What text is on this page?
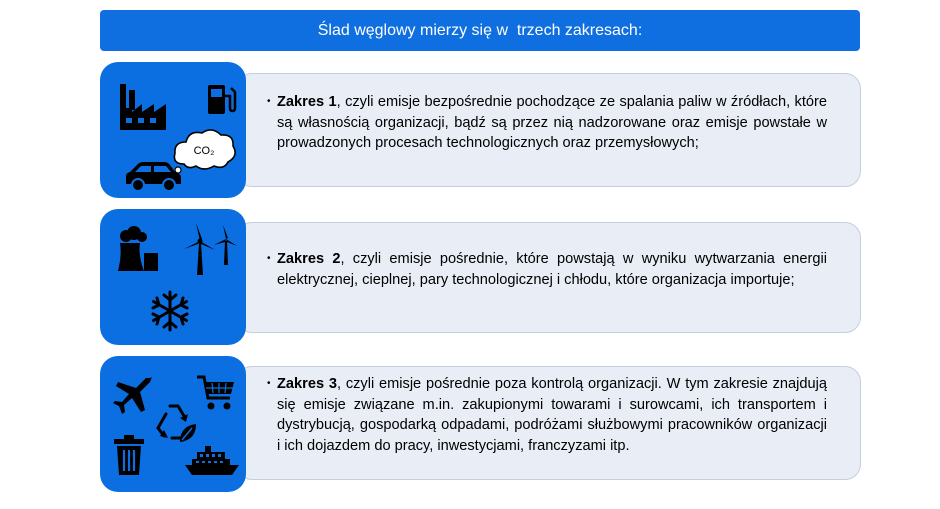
Ślad węglowy mierzy się w  trzech zakresach:
CO₂
• Zakres 1, czyli emisje bezpośrednie pochodzące ze spalania paliw w źródłach, które są własnością organizacji, bądź są przez nią nadzorowane oraz emisje powstałe w prowadzonych procesach technologicznych oraz przemysłowych;
• Zakres 2, czyli emisje pośrednie, które powstają w wyniku wytwarzania energii elektrycznej, cieplnej, pary technologicznej i chłodu, które organizacja importuje;
• Zakres 3, czyli emisje pośrednie poza kontrolą organizacji. W tym zakresie znajdują się emisje związane m.in. zakupionymi towarami i surowcami, ich transportem i dystrybucją, gospodarką odpadami, podróżami służbowymi pracowników organizacji i ich dojazdem do pracy, inwestycjami, franczyzami itp.
